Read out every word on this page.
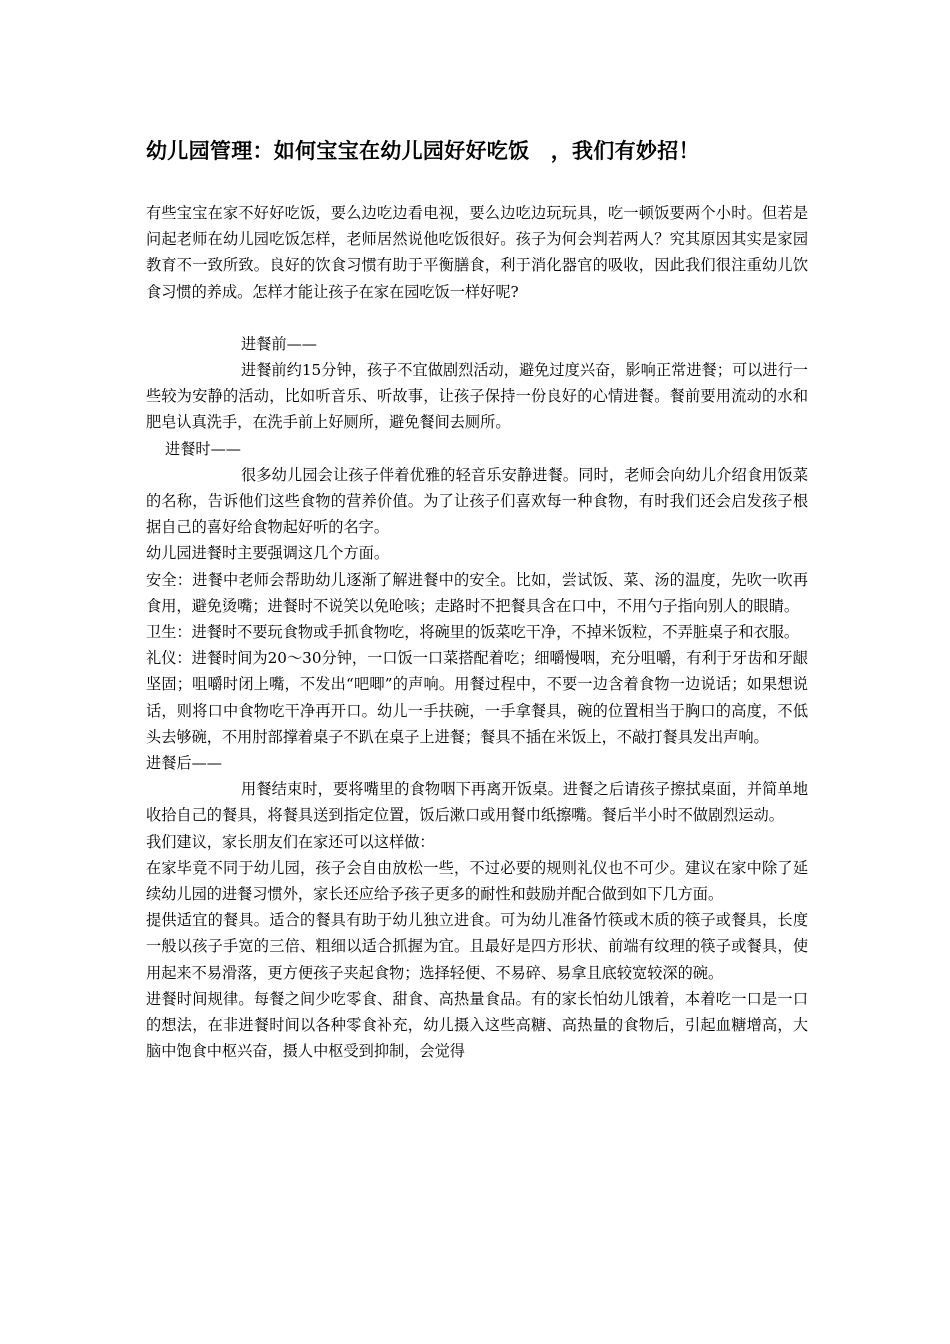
幼儿园管理：如何宝宝在幼儿园好好吃饭　，我们有妙招！

有些宝宝在家不好好吃饭，要么边吃边看电视，要么边吃边玩玩具，吃一顿饭要两个小时。但若是问起老师在幼儿园吃饭怎样，老师居然说他吃饭很好。孩子为何会判若两人？究其原因其实是家园教育不一致所致。良好的饮食习惯有助于平衡膳食，利于消化器官的吸收，因此我们很注重幼儿饮食习惯的养成。怎样才能让孩子在家在园吃饭一样好呢?

进餐前——

进餐前约15分钟，孩子不宜做剧烈活动，避免过度兴奋，影响正常进餐；可以进行一些较为安静的活动，比如听音乐、听故事，让孩子保持一份良好的心情进餐。餐前要用流动的水和肥皂认真洗手，在洗手前上好厕所，避免餐间去厕所。

进餐时——

很多幼儿园会让孩子伴着优雅的轻音乐安静进餐。同时，老师会向幼儿介绍食用饭菜的名称，告诉他们这些食物的营养价值。为了让孩子们喜欢每一种食物，有时我们还会启发孩子根据自己的喜好给食物起好听的名字。

幼儿园进餐时主要强调这几个方面。

安全：进餐中老师会帮助幼儿逐渐了解进餐中的安全。比如，尝试饭、菜、汤的温度，先吹一吹再食用，避免烫嘴；进餐时不说笑以免呛咳；走路时不把餐具含在口中，不用勺子指向别人的眼睛。

卫生：进餐时不要玩食物或手抓食物吃，将碗里的饭菜吃干净，不掉米饭粒，不弄脏桌子和衣服。

礼仪：进餐时间为20～30分钟，一口饭一口菜搭配着吃；细嚼慢咽，充分咀嚼，有利于牙齿和牙龈坚固；咀嚼时闭上嘴，不发出“吧唧”的声响。用餐过程中，不要一边含着食物一边说话；如果想说话，则将口中食物吃干净再开口。幼儿一手扶碗，一手拿餐具，碗的位置相当于胸口的高度，不低头去够碗，不用肘部撑着桌子不趴在桌子上进餐；餐具不插在米饭上，不敲打餐具发出声响。

进餐后——

用餐结束时，要将嘴里的食物咽下再离开饭桌。进餐之后请孩子擦拭桌面，并简单地收拾自己的餐具，将餐具送到指定位置，饭后漱口或用餐巾纸擦嘴。餐后半小时不做剧烈运动。

我们建议，家长朋友们在家还可以这样做：

在家毕竟不同于幼儿园，孩子会自由放松一些，不过必要的规则礼仪也不可少。建议在家中除了延续幼儿园的进餐习惯外，家长还应给予孩子更多的耐性和鼓励并配合做到如下几方面。

提供适宜的餐具。适合的餐具有助于幼儿独立进食。可为幼儿准备竹筷或木质的筷子或餐具，长度一般以孩子手宽的三倍、粗细以适合抓握为宜。且最好是四方形状、前端有纹理的筷子或餐具，使用起来不易滑落，更方便孩子夹起食物；选择轻便、不易碎、易拿且底较宽较深的碗。

进餐时间规律。每餐之间少吃零食、甜食、高热量食品。有的家长怕幼儿饿着，本着吃一口是一口的想法，在非进餐时间以各种零食补充，幼儿摄入这些高糖、高热量的食物后，引起血糖增高，大脑中饱食中枢兴奋，摄人中枢受到抑制，会觉得
